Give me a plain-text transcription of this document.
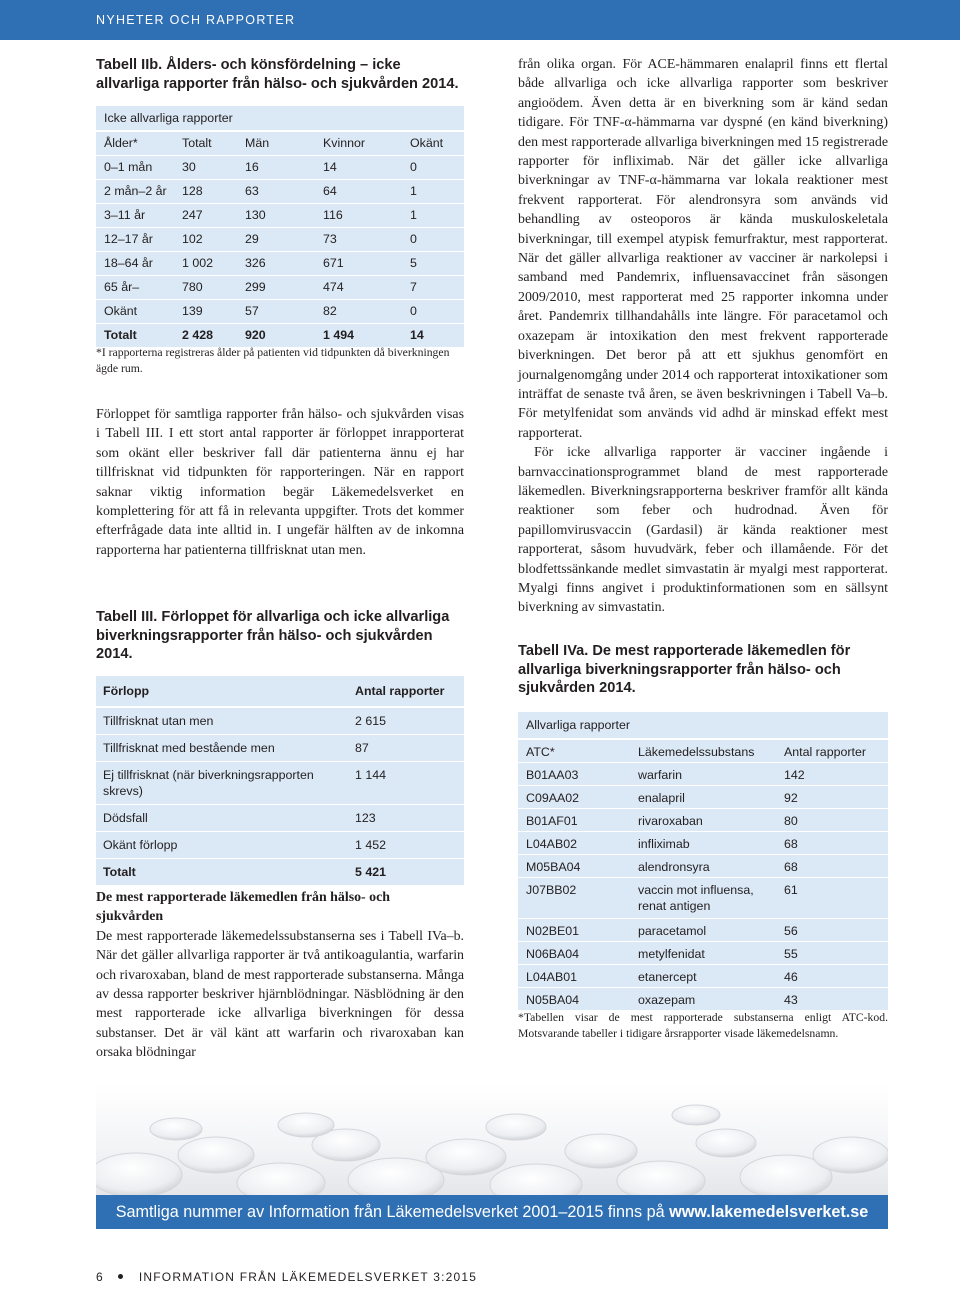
NYHETER OCH RAPPORTER

Tabell IIb. Ålders- och könsfördelning – icke allvarliga rapporter från hälso- och sjukvården 2014.

Icke allvarliga rapporter
Ålder*	Totalt	Män	Kvinnor	Okänt
0–1 mån 30	16	14	0
2 mån–2 år 128	63	64	1
3–11 år	247	130	116	1
12–17 år 102	29	73	0
18–64 år 1 002	326	671	5
65 år–	780	299	474	7
Okänt	139	57	82	0
Totalt	2 428	920	1 494	14

*I rapporterna registreras ålder på patienten vid tidpunkten då biverkningen ägde rum.

Förloppet för samtliga rapporter från hälso- och sjukvården visas i Tabell III. I ett stort antal rapporter är förloppet inrapporterat som okänt eller beskriver fall där patienterna ännu ej har tillfrisknat vid tidpunkten för rapporteringen. När en rapport saknar viktig information begär Läkemedelsverket en komplettering för att få in relevanta uppgifter. Trots det kommer efterfrågade data inte alltid in. I ungefär hälften av de inkomna rapporterna har patienterna tillfrisknat utan men.

Tabell III. Förloppet för allvarliga och icke allvarliga biverkningsrapporter från hälso- och sjukvården 2014.

Förlopp	Antal rapporter
Tillfrisknat utan men	2 615
Tillfrisknat med bestående men	87
Ej tillfrisknat (när biverkningsrapporten skrevs)
1 144
Dödsfall	123
Okänt förlopp	1 452
Totalt	5 421

De mest rapporterade läkemedlen från hälso- och sjukvården

De mest rapporterade läkemedelssubstanserna ses i Tabell IVa–b. När det gäller allvarliga rapporter är två antikoagulantia, warfarin och rivaroxaban, bland de mest rapporterade substanserna. Många av dessa rapporter beskriver hjärnblödningar. Näsblödning är den mest rapporterade icke allvarliga biverkningen för dessa substanser. Det är väl känt att warfarin och rivaroxaban kan orsaka blödningar

från olika organ. För ACE-hämmaren enalapril finns ett flertal både allvarliga och icke allvarliga rapporter som beskriver angioödem. Även detta är en biverkning som är känd sedan tidigare. För TNF-α-hämmarna var dyspné (en känd biverkning) den mest rapporterade allvarliga biverkningen med 15 registrerade rapporter för infliximab. När det gäller icke allvarliga biverkningar av TNF-α-hämmarna var lokala reaktioner mest frekvent rapporterat. För alendronsyra som används vid behandling av osteoporos är kända muskuloskeletala biverkningar, till exempel atypisk femurfraktur, mest rapporterat. När det gäller allvarliga reaktioner av vacciner är narkolepsi i samband med Pandemrix, influensavaccinet från säsongen 2009/2010, mest rapporterat med 25 rapporter inkomna under året. Pandemrix tillhandahålls inte längre. För paracetamol och oxazepam är intoxikation den mest frekvent rapporterade biverkningen. Det beror på att ett sjukhus genomfört en journalgenomgång under 2014 och rapporterat intoxikationer som inträffat de senaste två åren, se även beskrivningen i Tabell Va–b. För metylfenidat som används vid adhd är minskad effekt mest rapporterat.

För icke allvarliga rapporter är vacciner ingående i barnvaccinationsprogrammet bland de mest rapporterade läkemedlen. Biverkningsrapporterna beskriver framför allt kända reaktioner som feber och hudrodnad. Även för papillomvirusvaccin (Gardasil) är kända reaktioner mest rapporterat, såsom huvudvärk, feber och illamående. För det blodfettssänkande medlet simvastatin är myalgi mest rapporterat. Myalgi finns angivet i produktinformationen som en sällsynt biverkning av simvastatin.

Tabell IVa. De mest rapporterade läkemedlen för allvarliga biverkningsrapporter från hälso- och sjukvården 2014.

Allvarliga rapporter
ATC*	Läkemedelssubstans Antal rapporter
B01AA03	warfarin	142
C09AA02	enalapril	92
B01AF01	rivaroxaban	80
L04AB02	infliximab	68
M05BA04	alendronsyra	68
J07BB02	vaccin mot influensa, renat antigen
61
N02BE01	paracetamol	56
N06BA04	metylfenidat	55
L04AB01	etanercept	46
N05BA04	oxazepam	43

*Tabellen visar de mest rapporterade substanserna enligt ATC-kod. Motsvarande tabeller i tidigare årsrapporter visade läkemedelsnamn.

Samtliga nummer av Information från Läkemedelsverket 2001–2015 finns på www.lakemedelsverket.se
6	INFORMATION FRÅN LÄKEMEDELSVERKET 3:2015
